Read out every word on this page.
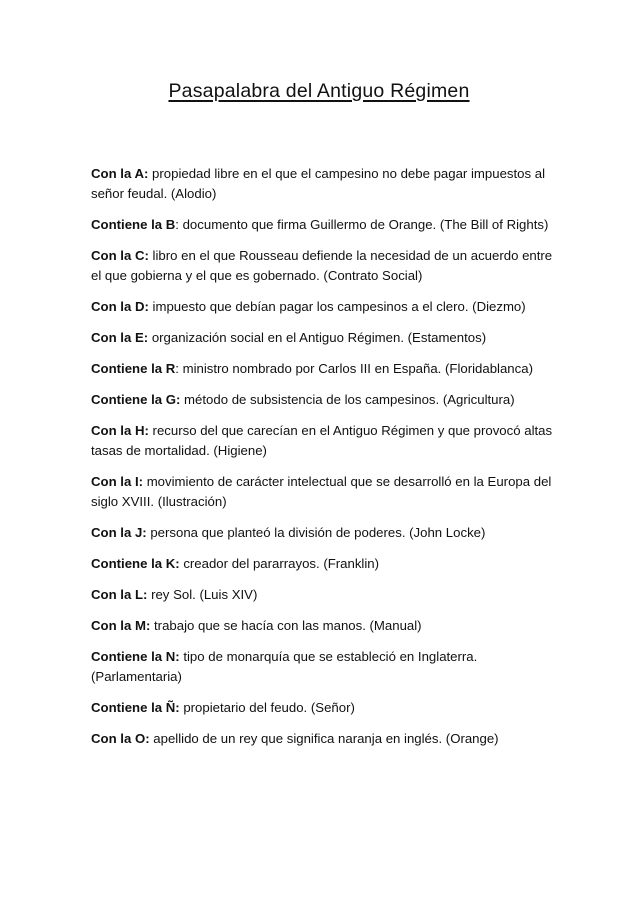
Pasapalabra del Antiguo Régimen

Con la A: propiedad libre en el que el campesino no debe pagar impuestos al señor feudal. (Alodio)

Contiene la B: documento que firma Guillermo de Orange. (The Bill of Rights)

Con la C: libro en el que Rousseau defiende la necesidad de un acuerdo entre el que gobierna y el que es gobernado. (Contrato Social)

Con la D: impuesto que debían pagar los campesinos a el clero. (Diezmo)

Con la E: organización social en el Antiguo Régimen. (Estamentos)

Contiene la R: ministro nombrado por Carlos III en España. (Floridablanca)

Contiene la G: método de subsistencia de los campesinos. (Agricultura)

Con la H: recurso del que carecían en el Antiguo Régimen y que provocó altas tasas de mortalidad. (Higiene)

Con la I: movimiento de carácter intelectual que se desarrolló en la Europa del siglo XVIII. (Ilustración)

Con la J: persona que planteó la división de poderes. (John Locke)

Contiene la K: creador del pararrayos. (Franklin)

Con la L: rey Sol. (Luis XIV)

Con la M: trabajo que se hacía con las manos. (Manual)

Contiene la N: tipo de monarquía que se estableció en Inglaterra. (Parlamentaria)

Contiene la Ñ: propietario del feudo. (Señor)

Con la O: apellido de un rey que significa naranja en inglés. (Orange)
